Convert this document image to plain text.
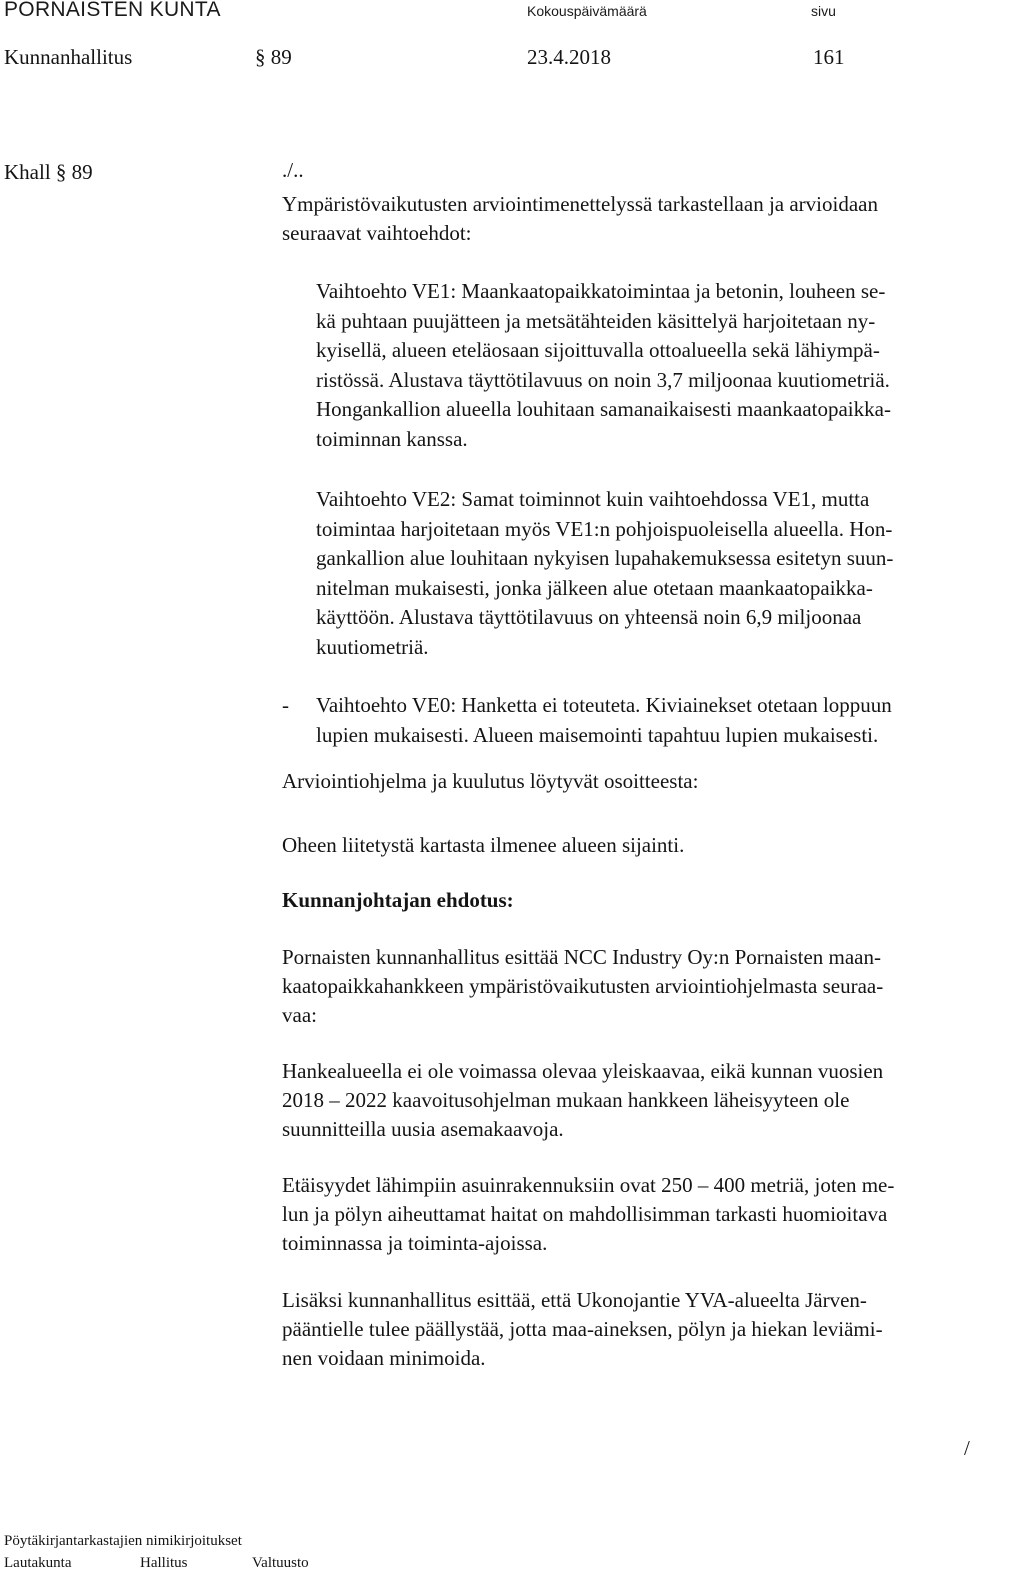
PORNAISTEN KUNTA	Kokouspäivämäärä	sivu
Kunnanhallitus	§ 89	23.4.2018	161
Khall § 89	./..
Ympäristövaikutusten arviointimenettelyssä tarkastellaan ja arvioidaan
seuraavat vaihtoehdot:
Vaihtoehto VE1: Maankaatopaikkatoimintaa ja betonin, louheen se-
kä puhtaan puujätteen ja metsätähteiden käsittelyä harjoitetaan ny-
kyisellä, alueen eteläosaan sijoittuvalla ottoalueella sekä lähiympä-
ristössä. Alustava täyttötilavuus on noin 3,7 miljoonaa kuutiometriä.
Hongankallion alueella louhitaan samanaikaisesti maankaatopaikka-
toiminnan kanssa.
Vaihtoehto VE2: Samat toiminnot kuin vaihtoehdossa VE1, mutta
toimintaa harjoitetaan myös VE1:n pohjoispuoleisella alueella. Hon-
gankallion alue louhitaan nykyisen lupahakemuksessa esitetyn suun-
nitelman mukaisesti, jonka jälkeen alue otetaan maankaatopaikka-
käyttöön. Alustava täyttötilavuus on yhteensä noin 6,9 miljoonaa
kuutiometriä.
- Vaihtoehto VE0: Hanketta ei toteuteta. Kiviainekset otetaan loppuun
lupien mukaisesti. Alueen maisemointi tapahtuu lupien mukaisesti.
Arviointiohjelma ja kuulutus löytyvät osoitteesta:
Oheen liitetystä kartasta ilmenee alueen sijainti.
Kunnanjohtajan ehdotus:
Pornaisten kunnanhallitus esittää NCC Industry Oy:n Pornaisten maan-
kaatopaikkahankkeen ympäristövaikutusten arviointiohjelmasta seuraa-
vaa:
Hankealueella ei ole voimassa olevaa yleiskaavaa, eikä kunnan vuosien
2018 – 2022 kaavoitusohjelman mukaan hankkeen läheisyyteen ole
suunnitteilla uusia asemakaavoja.
Etäisyydet lähimpiin asuinrakennuksiin ovat 250 – 400 metriä, joten me-
lun ja pölyn aiheuttamat haitat on mahdollisimman tarkasti huomioitava
toiminnassa ja toiminta-ajoissa.
Lisäksi kunnanhallitus esittää, että Ukonojantie YVA-alueelta Järven-
pääntielle tulee päällystää, jotta maa-aineksen, pölyn ja hiekan leviämi-
nen voidaan minimoida.
/
Pöytäkirjantarkastajien nimikirjoitukset
Lautakunta	Hallitus	Valtuusto
